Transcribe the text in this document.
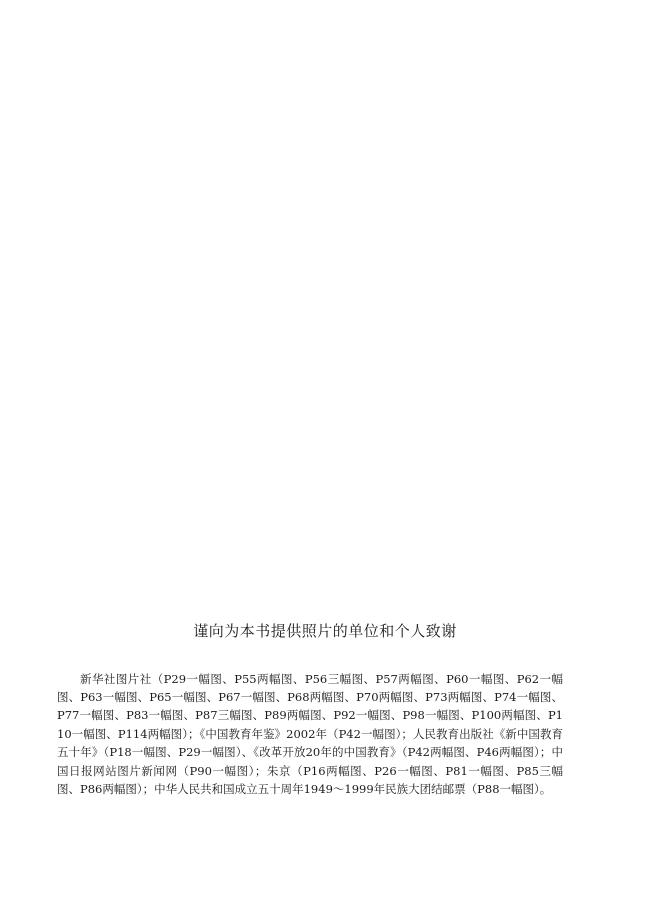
谨向为本书提供照片的单位和个人致谢

新华社图片社（P29一幅图、P55两幅图、P56三幅图、P57两幅图、P60一幅图、P62一幅图、P63一幅图、P65一幅图、P67一幅图、P68两幅图、P70两幅图、P73两幅图、P74一幅图、P77一幅图、P83一幅图、P87三幅图、P89两幅图、P92一幅图、P98一幅图、P100两幅图、P110一幅图、P114两幅图）；《中国教育年鉴》2002年（P42一幅图）；人民教育出版社《新中国教育五十年》（P18一幅图、P29一幅图）、《改革开放20年的中国教育》（P42两幅图、P46两幅图）；中国日报网站图片新闻网（P90一幅图）；朱京（P16两幅图、P26一幅图、P81一幅图、P85三幅图、P86两幅图）；中华人民共和国成立五十周年1949～1999年民族大团结邮票（P88一幅图）。
